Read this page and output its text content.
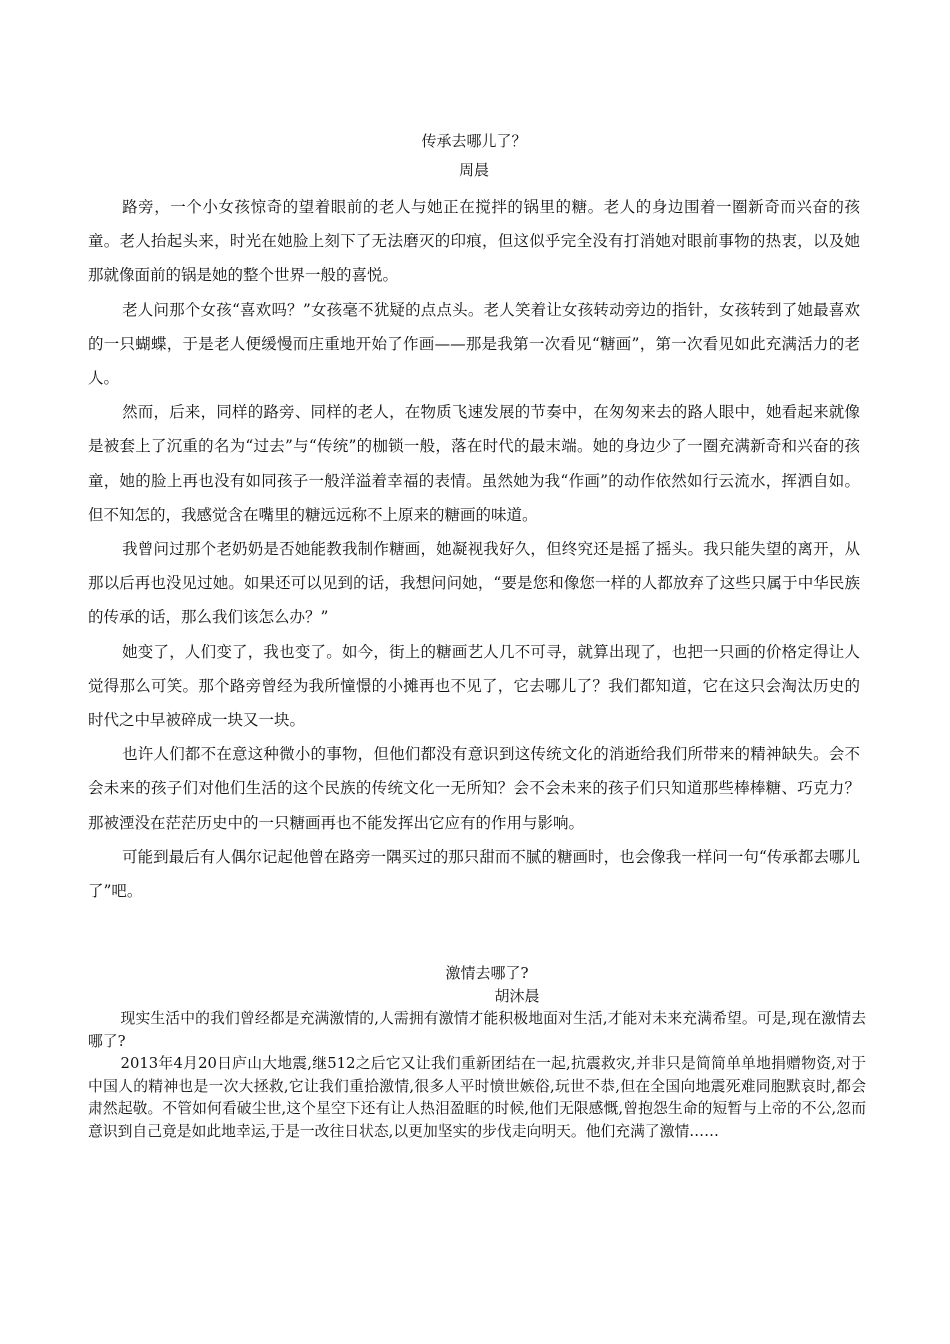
传承去哪儿了？
周晨

路旁，一个小女孩惊奇的望着眼前的老人与她正在搅拌的锅里的糖。老人的身边围着一圈新奇而兴奋的孩童。老人抬起头来，时光在她脸上刻下了无法磨灭的印痕，但这似乎完全没有打消她对眼前事物的热衷，以及她那就像面前的锅是她的整个世界一般的喜悦。

老人问那个女孩“喜欢吗？”女孩毫不犹疑的点点头。老人笑着让女孩转动旁边的指针，女孩转到了她最喜欢的一只蝴蝶，于是老人便缓慢而庄重地开始了作画——那是我第一次看见“糖画”，第一次看见如此充满活力的老人。

然而，后来，同样的路旁、同样的老人，在物质飞速发展的节奏中，在匆匆来去的路人眼中，她看起来就像是被套上了沉重的名为“过去”与“传统”的枷锁一般，落在时代的最末端。她的身边少了一圈充满新奇和兴奋的孩童，她的脸上再也没有如同孩子一般洋溢着幸福的表情。虽然她为我“作画”的动作依然如行云流水，挥洒自如。但不知怎的，我感觉含在嘴里的糖远远称不上原来的糖画的味道。

我曾问过那个老奶奶是否她能教我制作糖画，她凝视我好久，但终究还是摇了摇头。我只能失望的离开，从那以后再也没见过她。如果还可以见到的话，我想问问她，“要是您和像您一样的人都放弃了这些只属于中华民族的传承的话，那么我们该怎么办？”

她变了，人们变了，我也变了。如今，街上的糖画艺人几不可寻，就算出现了，也把一只画的价格定得让人觉得那么可笑。那个路旁曾经为我所憧憬的小摊再也不见了，它去哪儿了？我们都知道，它在这只会淘汰历史的时代之中早被碎成一块又一块。

也许人们都不在意这种微小的事物，但他们都没有意识到这传统文化的消逝给我们所带来的精神缺失。会不会未来的孩子们对他们生活的这个民族的传统文化一无所知？会不会未来的孩子们只知道那些棒棒糖、巧克力？那被湮没在茫茫历史中的一只糖画再也不能发挥出它应有的作用与影响。

可能到最后有人偶尔记起他曾在路旁一隅买过的那只甜而不腻的糖画时，也会像我一样问一句“传承都去哪儿了”吧。

激情去哪了?
胡沐晨

现实生活中的我们曾经都是充满激情的,人需拥有激情才能积极地面对生活,才能对未来充满希望。可是,现在激情去哪了?

2013年4月20日庐山大地震,继512之后它又让我们重新团结在一起,抗震救灾,并非只是简简单单地捐赠物资,对于中国人的精神也是一次大拯救,它让我们重拾激情,很多人平时愤世嫉俗,玩世不恭,但在全国向地震死难同胞默哀时,都会肃然起敬。不管如何看破尘世,这个星空下还有让人热泪盈眶的时候,他们无限感慨,曾抱怨生命的短暂与上帝的不公,忽而意识到自己竟是如此地幸运,于是一改往日状态,以更加坚实的步伐走向明天。他们充满了激情……
